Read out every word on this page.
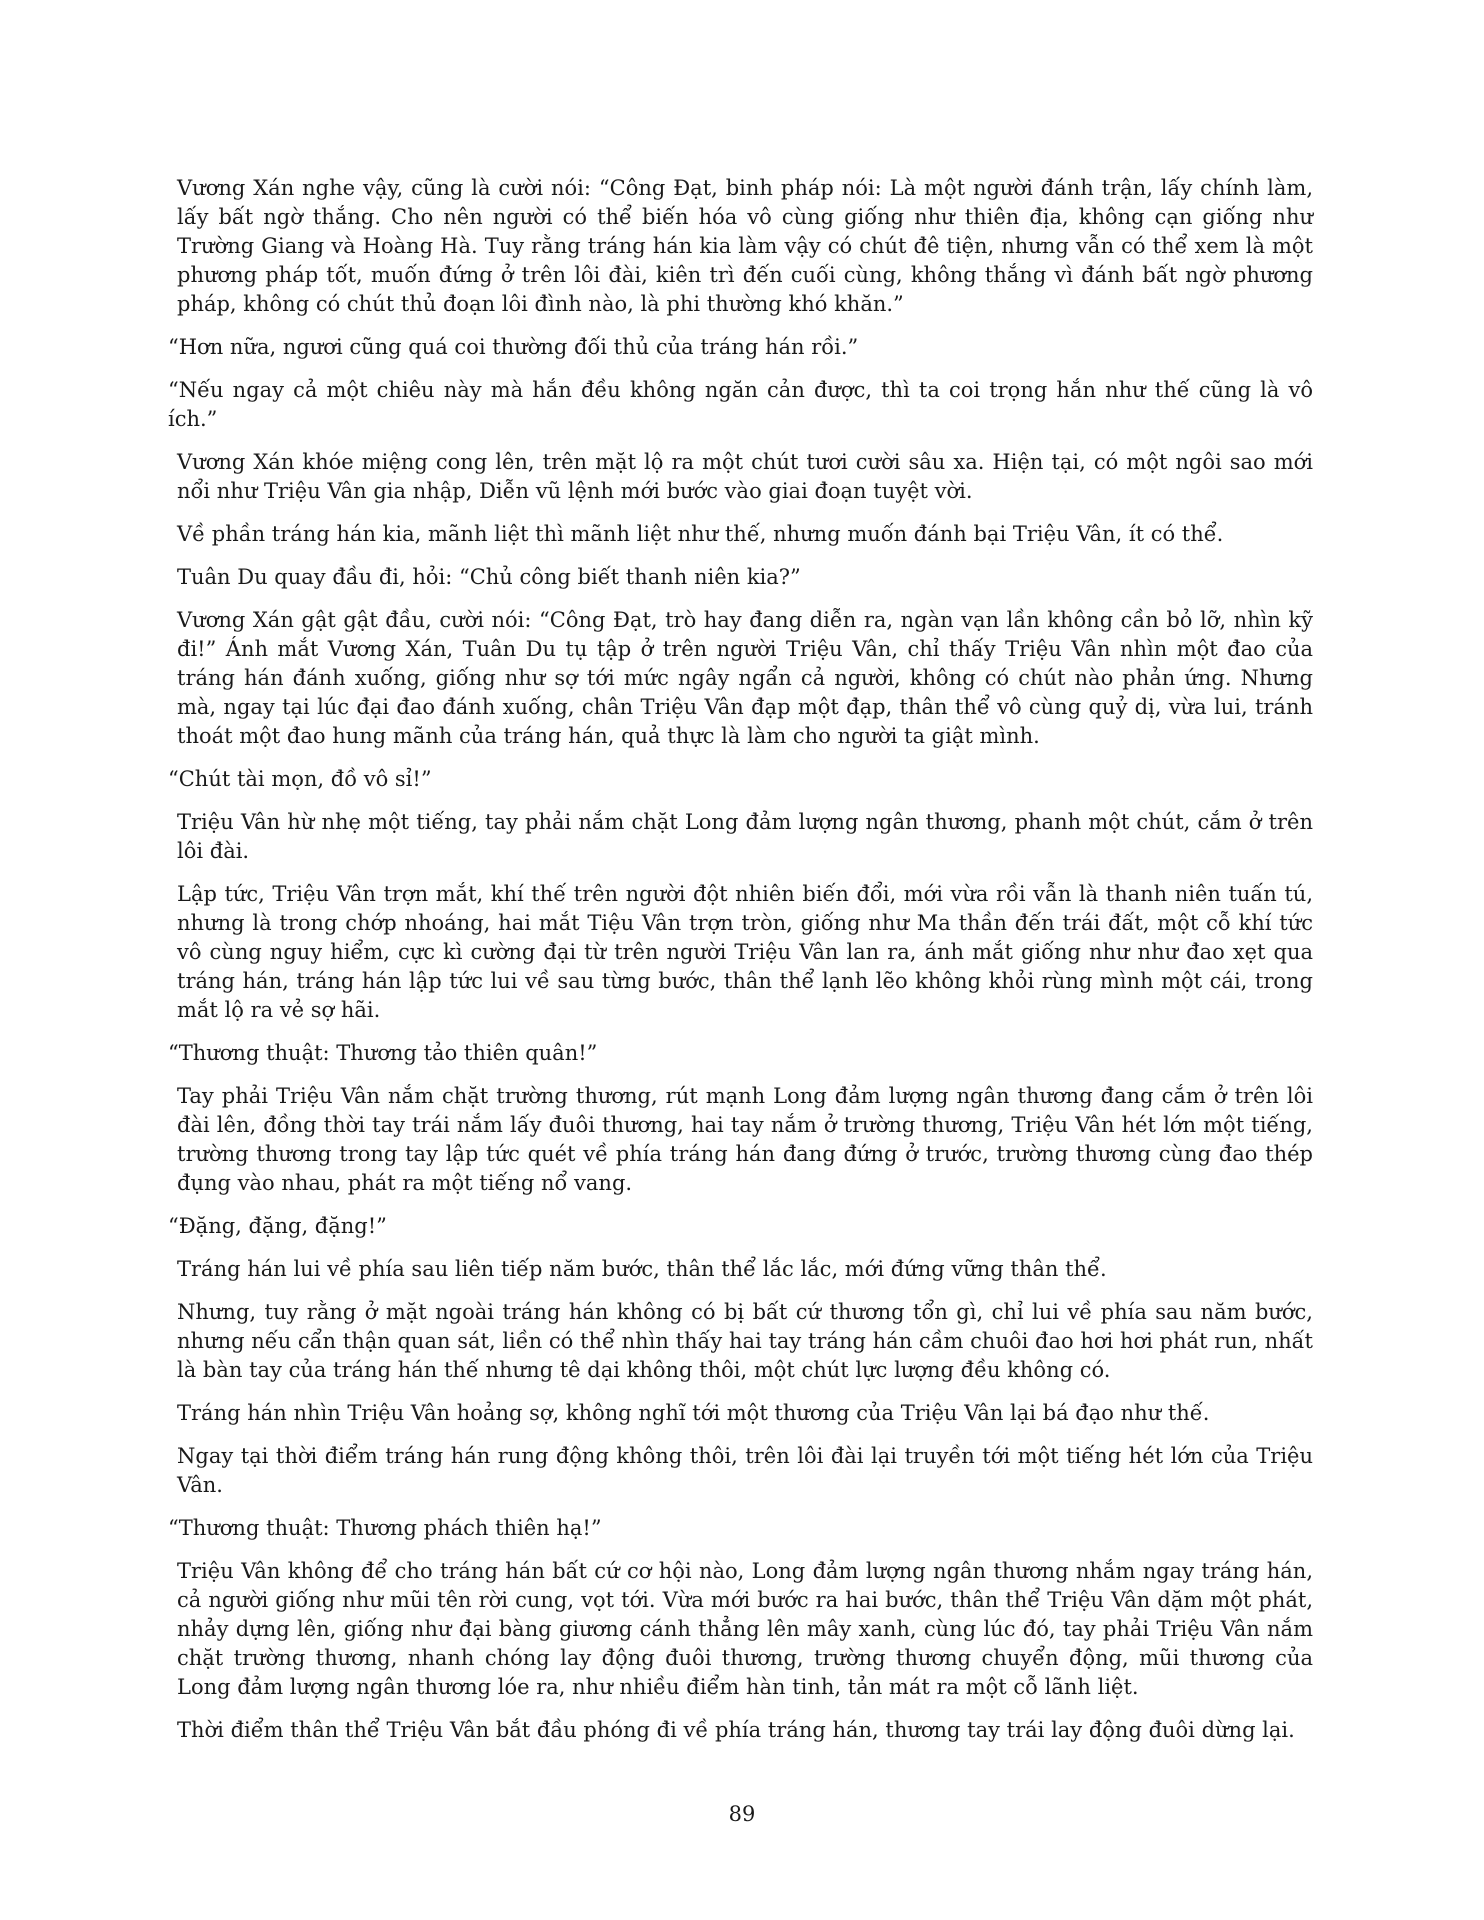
Vương Xán nghe vậy, cũng là cười nói: “Công Đạt, binh pháp nói: Là một người đánh trận, lấy chính làm, lấy bất ngờ thắng. Cho nên người có thể biến hóa vô cùng giống như thiên địa, không cạn giống như Trường Giang và Hoàng Hà. Tuy rằng tráng hán kia làm vậy có chút đê tiện, nhưng vẫn có thể xem là một phương pháp tốt, muốn đứng ở trên lôi đài, kiên trì đến cuối cùng, không thắng vì đánh bất ngờ phương pháp, không có chút thủ đoạn lôi đình nào, là phi thường khó khăn.”

“Hơn nữa, ngươi cũng quá coi thường đối thủ của tráng hán rồi.”

“Nếu ngay cả một chiêu này mà hắn đều không ngăn cản được, thì ta coi trọng hắn như thế cũng là vô ích.”

Vương Xán khóe miệng cong lên, trên mặt lộ ra một chút tươi cười sâu xa. Hiện tại, có một ngôi sao mới nổi như Triệu Vân gia nhập, Diễn vũ lệnh mới bước vào giai đoạn tuyệt vời.

Về phần tráng hán kia, mãnh liệt thì mãnh liệt như thế, nhưng muốn đánh bại Triệu Vân, ít có thể.

Tuân Du quay đầu đi, hỏi: “Chủ công biết thanh niên kia?”

Vương Xán gật gật đầu, cười nói: “Công Đạt, trò hay đang diễn ra, ngàn vạn lần không cần bỏ lỡ, nhìn kỹ đi!” Ánh mắt Vương Xán, Tuân Du tụ tập ở trên người Triệu Vân, chỉ thấy Triệu Vân nhìn một đao của tráng hán đánh xuống, giống như sợ tới mức ngây ngẩn cả người, không có chút nào phản ứng. Nhưng mà, ngay tại lúc đại đao đánh xuống, chân Triệu Vân đạp một đạp, thân thể vô cùng quỷ dị, vừa lui, tránh thoát một đao hung mãnh của tráng hán, quả thực là làm cho người ta giật mình.

“Chút tài mọn, đồ vô sỉ!”

Triệu Vân hừ nhẹ một tiếng, tay phải nắm chặt Long đảm lượng ngân thương, phanh một chút, cắm ở trên lôi đài.

Lập tức, Triệu Vân trợn mắt, khí thế trên người đột nhiên biến đổi, mới vừa rồi vẫn là thanh niên tuấn tú, nhưng là trong chớp nhoáng, hai mắt Tiệu Vân trợn tròn, giống như Ma thần đến trái đất, một cỗ khí tức vô cùng nguy hiểm, cực kì cường đại từ trên người Triệu Vân lan ra, ánh mắt giống như như đao xẹt qua tráng hán, tráng hán lập tức lui về sau từng bước, thân thể lạnh lẽo không khỏi rùng mình một cái, trong mắt lộ ra vẻ sợ hãi.

“Thương thuật: Thương tảo thiên quân!”

Tay phải Triệu Vân nắm chặt trường thương, rút mạnh Long đảm lượng ngân thương đang cắm ở trên lôi đài lên, đồng thời tay trái nắm lấy đuôi thương, hai tay nắm ở trường thương, Triệu Vân hét lớn một tiếng, trường thương trong tay lập tức quét về phía tráng hán đang đứng ở trước, trường thương cùng đao thép đụng vào nhau, phát ra một tiếng nổ vang.

“Đặng, đặng, đặng!”

Tráng hán lui về phía sau liên tiếp năm bước, thân thể lắc lắc, mới đứng vững thân thể.

Nhưng, tuy rằng ở mặt ngoài tráng hán không có bị bất cứ thương tổn gì, chỉ lui về phía sau năm bước, nhưng nếu cẩn thận quan sát, liền có thể nhìn thấy hai tay tráng hán cầm chuôi đao hơi hơi phát run, nhất là bàn tay của tráng hán thế nhưng tê dại không thôi, một chút lực lượng đều không có.

Tráng hán nhìn Triệu Vân hoảng sợ, không nghĩ tới một thương của Triệu Vân lại bá đạo như thế.

Ngay tại thời điểm tráng hán rung động không thôi, trên lôi đài lại truyền tới một tiếng hét lớn của Triệu Vân.

“Thương thuật: Thương phách thiên hạ!”

Triệu Vân không để cho tráng hán bất cứ cơ hội nào, Long đảm lượng ngân thương nhắm ngay tráng hán, cả người giống như mũi tên rời cung, vọt tới. Vừa mới bước ra hai bước, thân thể Triệu Vân dặm một phát, nhảy dựng lên, giống như đại bàng giương cánh thẳng lên mây xanh, cùng lúc đó, tay phải Triệu Vân nắm chặt trường thương, nhanh chóng lay động đuôi thương, trường thương chuyển động, mũi thương của Long đảm lượng ngân thương lóe ra, như nhiều điểm hàn tinh, tản mát ra một cỗ lãnh liệt.

Thời điểm thân thể Triệu Vân bắt đầu phóng đi về phía tráng hán, thương tay trái lay động đuôi dừng lại.

89
